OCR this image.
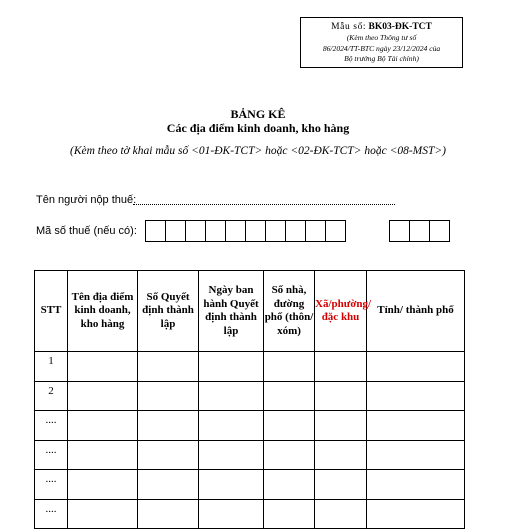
Mẫu số: BK03-ĐK-TCT
(Kèm theo Thông tư số
86/2024/TT-BTC ngày 23/12/2024 của
Bộ trưởng Bộ Tài chính)
BẢNG KÊ
Các địa điểm kinh doanh, kho hàng
(Kèm theo tờ khai mẫu số <01-ĐK-TCT> hoặc <02-ĐK-TCT> hoặc <08-MST>)
Tên người nộp thuế:
Mã số thuế (nếu có):
STT	Tên địa điểm kinh doanh, kho hàng	Số Quyết định thành lập	Ngày ban hành Quyết định thành lập	Số nhà, đường phố (thôn/ xóm)	Xã/phường/đặc khu	Tỉnh/ thành phố
1						
2						
....						
....						
....						
....						
